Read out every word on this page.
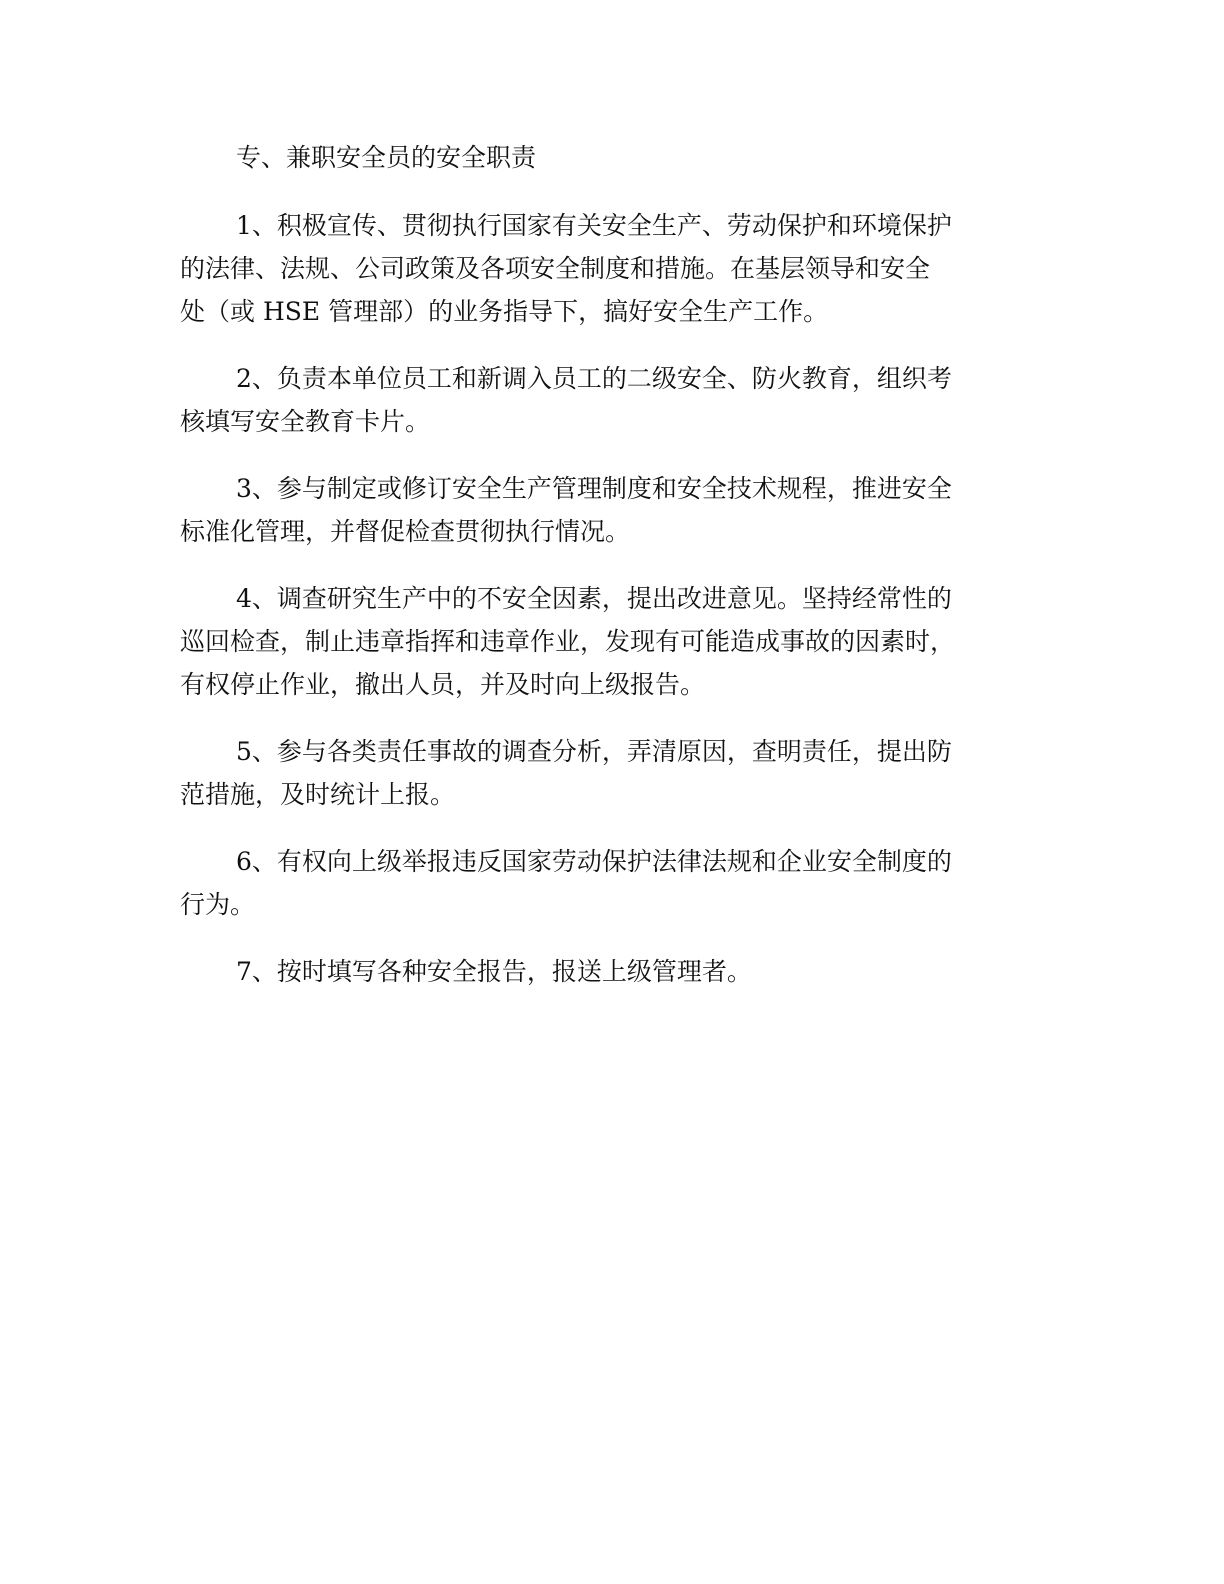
专、兼职安全员的安全职责

1、积极宣传、贯彻执行国家有关安全生产、劳动保护和环境保护
的法律、法规、公司政策及各项安全制度和措施。在基层领导和安全
处（或 HSE 管理部）的业务指导下，搞好安全生产工作。

2、负责本单位员工和新调入员工的二级安全、防火教育，组织考
核填写安全教育卡片。

3、参与制定或修订安全生产管理制度和安全技术规程，推进安全
标准化管理，并督促检查贯彻执行情况。

4、调查研究生产中的不安全因素，提出改进意见。坚持经常性的
巡回检查，制止违章指挥和违章作业，发现有可能造成事故的因素时，
有权停止作业，撤出人员，并及时向上级报告。

5、参与各类责任事故的调查分析，弄清原因，查明责任，提出防
范措施，及时统计上报。

6、有权向上级举报违反国家劳动保护法律法规和企业安全制度的
行为。

7、按时填写各种安全报告，报送上级管理者。
